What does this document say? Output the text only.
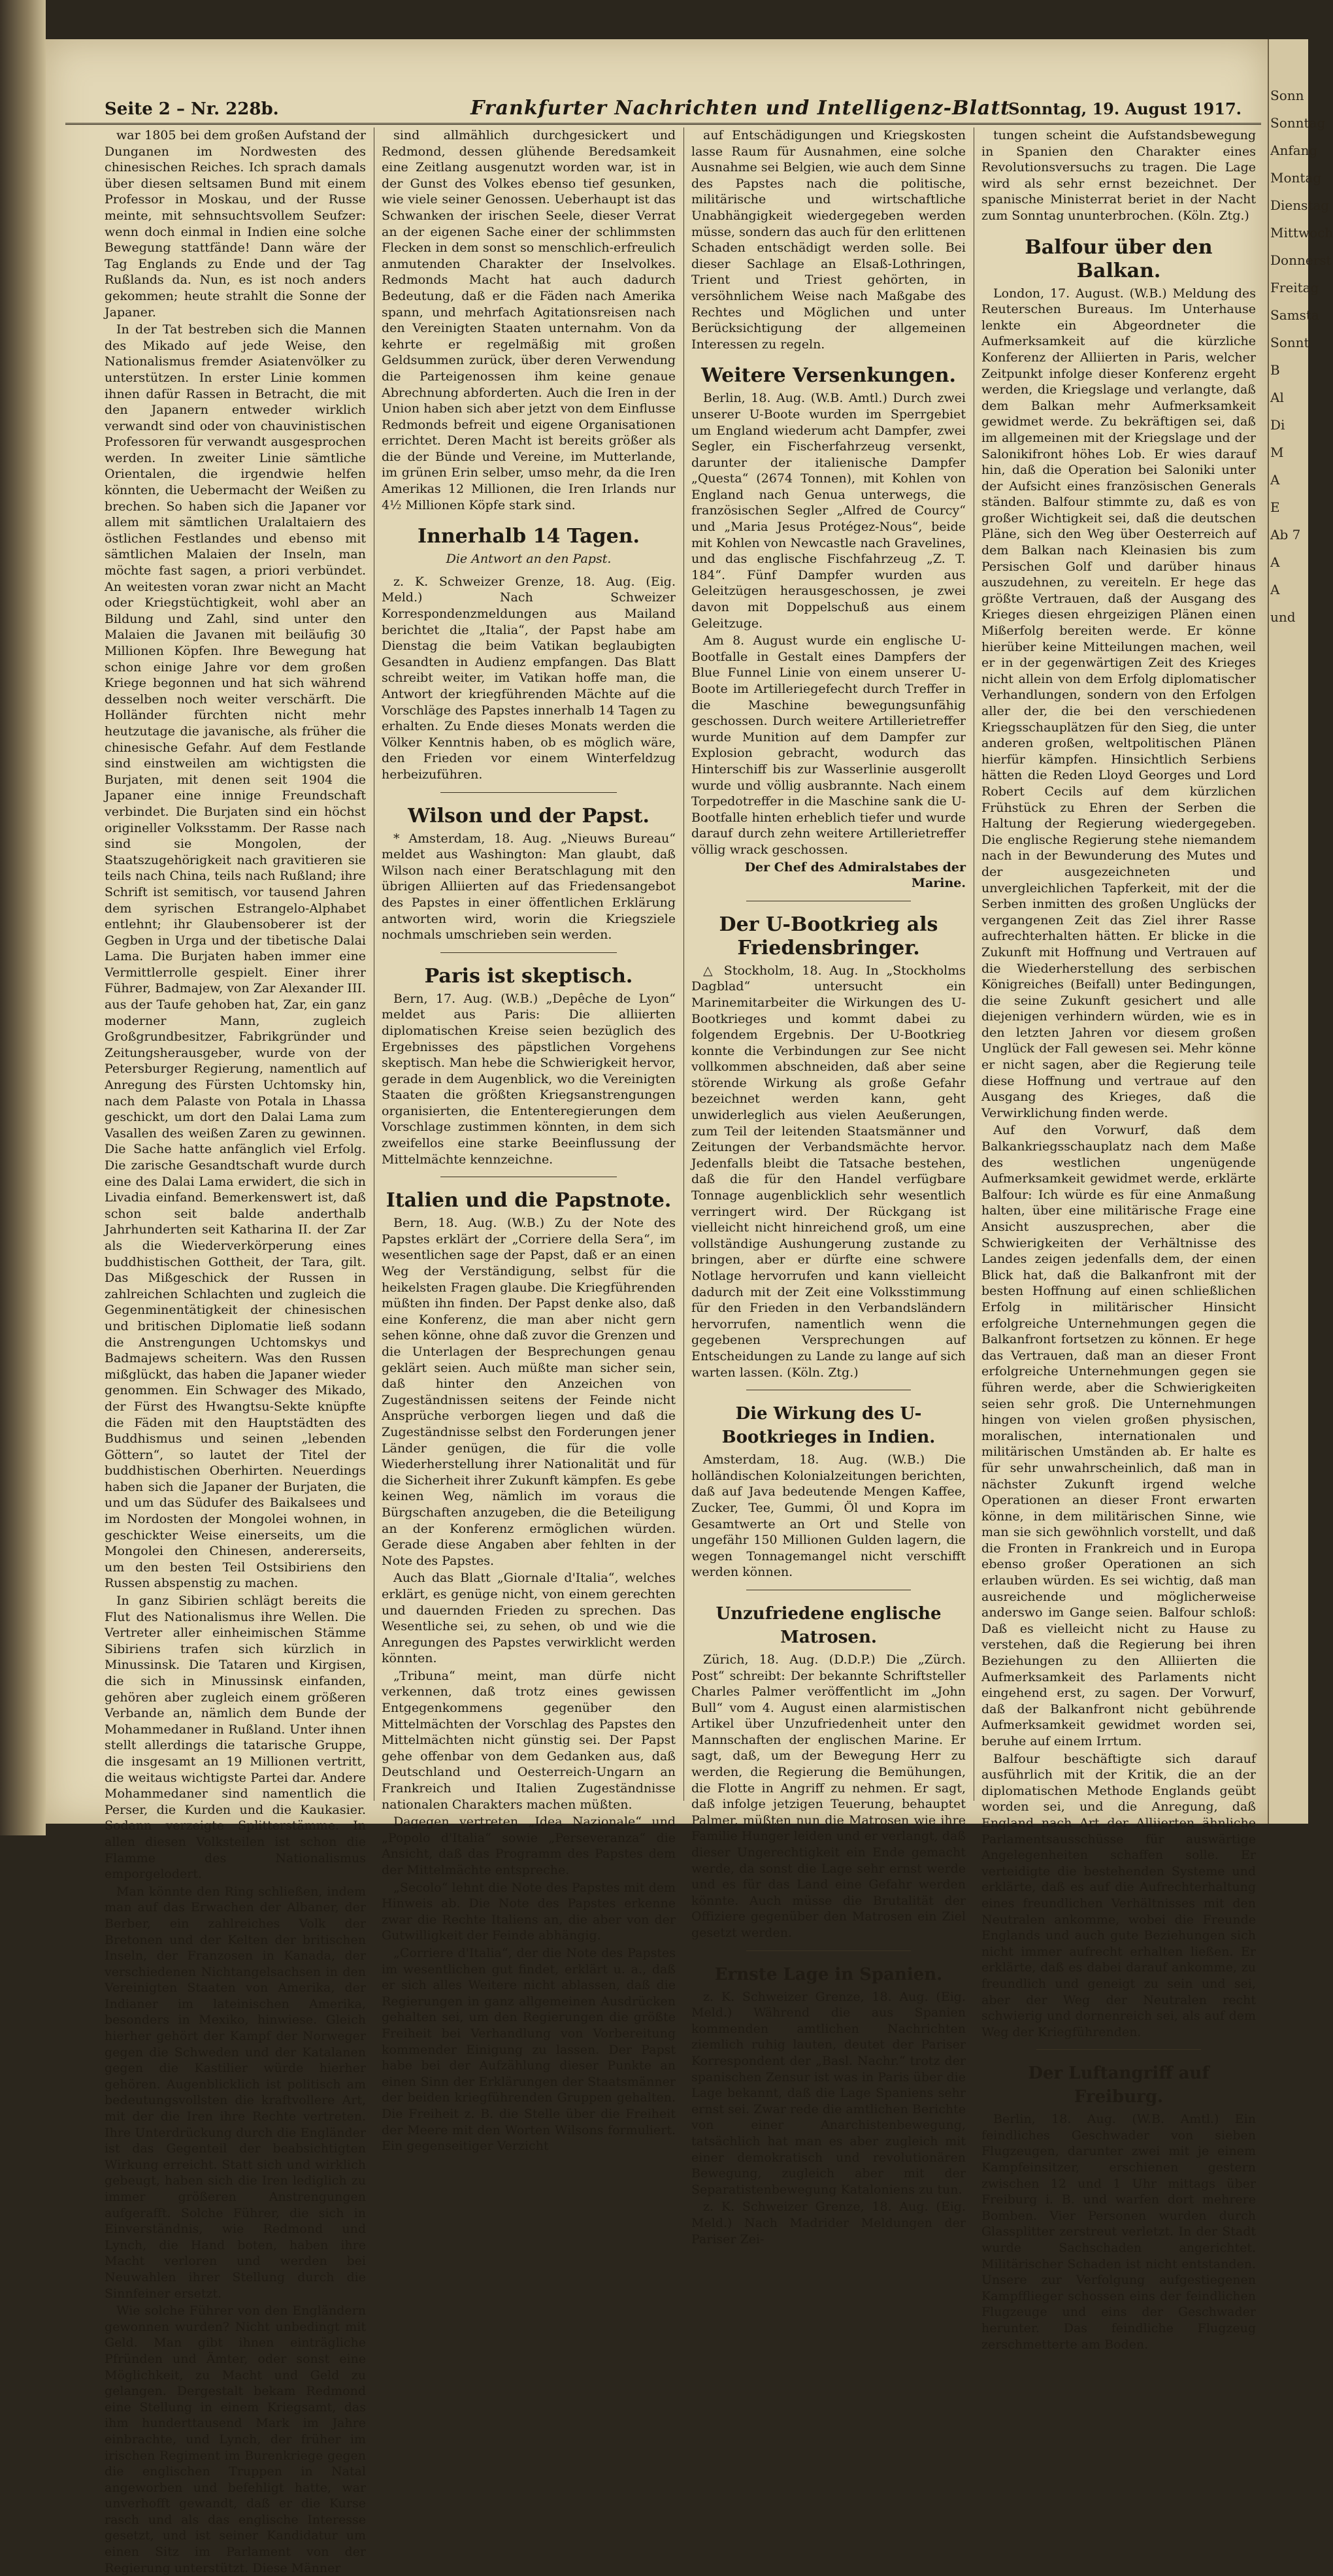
Sonn
Sonntag
Anfang
Montag
Dienstag
Mittwoch
Donnerst
Freitag
Samsta
Sonnt
B
Al
Di
M
A
E
Ab 7
A
A
und
Seite 2 – Nr. 228b.	Frankfurter Nachrichten und Intelligenz-Blatt
Sonntag, 19. August 1917.

war 1805 bei dem großen Aufstand der Dunganen im Nordwesten des chinesischen Reiches. Ich sprach damals über diesen seltsamen Bund mit einem Professor in Moskau, und der Russe meinte, mit sehnsuchtsvollem Seufzer: wenn doch einmal in Indien eine solche Bewegung stattfände! Dann wäre der Tag Englands zu Ende und der Tag Rußlands da. Nun, es ist noch anders gekommen; heute strahlt die Sonne der Japaner.

In der Tat bestreben sich die Mannen des Mikado auf jede Weise, den Nationalismus fremder Asiatenvölker zu unterstützen. In erster Linie kommen ihnen dafür Rassen in Betracht, die mit den Japanern entweder wirklich verwandt sind oder von chauvinistischen Professoren für verwandt ausgesprochen werden. In zweiter Linie sämtliche Orientalen, die irgendwie helfen könnten, die Uebermacht der Weißen zu brechen. So haben sich die Japaner vor allem mit sämtlichen Uralaltaiern des östlichen Festlandes und ebenso mit sämtlichen Malaien der Inseln, man möchte fast sagen, a priori verbündet. An weitesten voran zwar nicht an Macht oder Kriegstüchtigkeit, wohl aber an Bildung und Zahl, sind unter den Malaien die Javanen mit beiläufig 30 Millionen Köpfen. Ihre Bewegung hat schon einige Jahre vor dem großen Kriege begonnen und hat sich während desselben noch weiter verschärft. Die Holländer fürchten nicht mehr heutzutage die javanische, als früher die chinesische Gefahr. Auf dem Festlande sind einstweilen am wichtigsten die Burjaten, mit denen seit 1904 die Japaner eine innige Freundschaft verbindet. Die Burjaten sind ein höchst origineller Volksstamm. Der Rasse nach sind sie Mongolen, der Staatszugehörigkeit nach gravitieren sie teils nach China, teils nach Rußland; ihre Schrift ist semitisch, vor tausend Jahren dem syrischen Estrangelo-Alphabet entlehnt; ihr Glaubensoberer ist der Gegben in Urga und der tibetische Dalai Lama. Die Burjaten haben immer eine Vermittlerrolle gespielt. Einer ihrer Führer, Badmajew, von Zar Alexander III. aus der Taufe gehoben hat, Zar, ein ganz moderner Mann, zugleich Großgrundbesitzer, Fabrikgründer und Zeitungsherausgeber, wurde von der Petersburger Regierung, namentlich auf Anregung des Fürsten Uchtomsky hin, nach dem Palaste von Potala in Lhassa geschickt, um dort den Dalai Lama zum Vasallen des weißen Zaren zu gewinnen. Die Sache hatte anfänglich viel Erfolg. Die zarische Gesandtschaft wurde durch eine des Dalai Lama erwidert, die sich in Livadia einfand. Bemerkenswert ist, daß schon seit balde anderthalb Jahrhunderten seit Katharina II. der Zar als die Wiederverkörperung eines buddhistischen Gottheit, der Tara, gilt. Das Mißgeschick der Russen in zahlreichen Schlachten und zugleich die Gegenminentätigkeit der chinesischen und britischen Diplomatie ließ sodann die Anstrengungen Uchtomskys und Badmajews scheitern. Was den Russen mißglückt, das haben die Japaner wieder genommen. Ein Schwager des Mikado, der Fürst des Hwangtsu-Sekte knüpfte die Fäden mit den Hauptstädten des Buddhismus und seinen „lebenden Göttern“, so lautet der Titel der buddhistischen Oberhirten. Neuerdings haben sich die Japaner der Burjaten, die und um das Südufer des Baikalsees und im Nordosten der Mongolei wohnen, in geschickter Weise einerseits, um die Mongolei den Chinesen, andererseits, um den besten Teil Ostsibiriens den Russen abspenstig zu machen.

In ganz Sibirien schlägt bereits die Flut des Nationalismus ihre Wellen. Die Vertreter aller einheimischen Stämme Sibiriens trafen sich kürzlich in Minussinsk. Die Tataren und Kirgisen, die sich in Minussinsk einfanden, gehören aber zugleich einem größeren Verbande an, nämlich dem Bunde der Mohammedaner in Rußland. Unter ihnen stellt allerdings die tatarische Gruppe, die insgesamt an 19 Millionen vertritt, die weitaus wichtigste Partei dar. Andere Mohammedaner sind namentlich die Perser, die Kurden und die Kaukasier. Sodann verzeigte Splitterstämme. In allen diesen Volksteilen ist schon die Flamme des Nationalismus emporgelodert.

Man könnte den Ring schließen, indem man auf das Erwachen der Albaner, der Berber, ein zahlreiches Volk der Bretonen und der Kelten der britischen Inseln, der Franzosen in Kanada, der verschiedenen Nichtangelsachsen in den Vereinigten Staaten von Amerika, der Indianer im lateinischen Amerika, besonders in Mexiko, hinwiese. Gleich hierher gehört der Kampf der Norweger gegen die Schweden und der Katalanen gegen die Kastilier würde hierher gehören. Augenblicklich ist politisch am bedeutungsvollsten die kraftvollere Art, mit der die Iren ihre Rechte vertreten. Ihre Unterdrückung durch die Engländer ist das Gegenteil der beabsichtigten Wirkung erreicht. Statt sich und wirklich gebeugt, haben sich die Iren lediglich zu immer größeren Anstrengungen aufgerafft. Solche Führer, die sich in Einverständnis, wie Redmond und Lynch, die Hand boten, haben ihre Macht verloren und werden bei Neuwahlen ihrer Stellung durch die Sinnfeiner ersetzt.

Wie solche Führer von den Engländern gewonnen wurden? Nicht unbedingt mit Geld. Man gibt ihnen einträgliche Pfründen und Ämter, oder sonst eine Möglichkeit, zu Macht und Geld zu gelangen. Dergestalt bekam Redmond eine Stellung in einem Kriegsamt, das ihm hunderttausend Mark im Jahre einbrachte, und Lynch, der früher im irischen Regiment im Burenkriege gegen die englischen Truppen in Natal angeworben und befehligt hatte, war unverhofft gewandt, daß er die Kurse rasch und als das englische Interesse gesetzt, und ist seiner Kandidatur um einen Sitz im Parlament von der Regierung unterstützt. Diese Männer

sind allmählich durchgesickert und Redmond, dessen glühende Beredsamkeit eine Zeitlang ausgenutzt worden war, ist in der Gunst des Volkes ebenso tief gesunken, wie viele seiner Genossen. Ueberhaupt ist das Schwanken der irischen Seele, dieser Verrat an der eigenen Sache einer der schlimmsten Flecken in dem sonst so menschlich-erfreulich anmutenden Charakter der Inselvolkes. Redmonds Macht hat auch dadurch Bedeutung, daß er die Fäden nach Amerika spann, und mehrfach Agitationsreisen nach den Vereinigten Staaten unternahm. Von da kehrte er regelmäßig mit großen Geldsummen zurück, über deren Verwendung die Parteigenossen ihm keine genaue Abrechnung abforderten. Auch die Iren in der Union haben sich aber jetzt von dem Einflusse Redmonds befreit und eigene Organisationen errichtet. Deren Macht ist bereits größer als die der Bünde und Vereine, im Mutterlande, im grünen Erin selber, umso mehr, da die Iren Amerikas 12 Millionen, die Iren Irlands nur 4½ Millionen Köpfe stark sind.

Innerhalb 14 Tagen.
Die Antwort an den Papst.

z. K. Schweizer Grenze, 18. Aug. (Eig. Meld.) Nach Schweizer Korrespondenzmeldungen aus Mailand berichtet die „Italia“, der Papst habe am Dienstag die beim Vatikan beglaubigten Gesandten in Audienz empfangen. Das Blatt schreibt weiter, im Vatikan hoffe man, die Antwort der kriegführenden Mächte auf die Vorschläge des Papstes innerhalb 14 Tagen zu erhalten. Zu Ende dieses Monats werden die Völker Kenntnis haben, ob es möglich wäre, den Frieden vor einem Winterfeldzug herbeizuführen.

Wilson und der Papst.

* Amsterdam, 18. Aug. „Nieuws Bureau“ meldet aus Washington: Man glaubt, daß Wilson nach einer Beratschlagung mit den übrigen Alliierten auf das Friedensangebot des Papstes in einer öffentlichen Erklärung antworten wird, worin die Kriegsziele nochmals umschrieben sein werden.

Paris ist skeptisch.

Bern, 17. Aug. (W.B.) „Depêche de Lyon“ meldet aus Paris: Die alliierten diplomatischen Kreise seien bezüglich des Ergebnisses des päpstlichen Vorgehens skeptisch. Man hebe die Schwierigkeit hervor, gerade in dem Augenblick, wo die Vereinigten Staaten die größten Kriegsanstrengungen organisierten, die Ententeregierungen dem Vorschlage zustimmen könnten, in dem sich zweifellos eine starke Beeinflussung der Mittelmächte kennzeichne.

Italien und die Papstnote.

Bern, 18. Aug. (W.B.) Zu der Note des Papstes erklärt der „Corriere della Sera“, im wesentlichen sage der Papst, daß er an einen Weg der Verständigung, selbst für die heikelsten Fragen glaube. Die Kriegführenden müßten ihn finden. Der Papst denke also, daß eine Konferenz, die man aber nicht gern sehen könne, ohne daß zuvor die Grenzen und die Unterlagen der Besprechungen genau geklärt seien. Auch müßte man sicher sein, daß hinter den Anzeichen von Zugeständnissen seitens der Feinde nicht Ansprüche verborgen liegen und daß die Zugeständnisse selbst den Forderungen jener Länder genügen, die für die volle Wiederherstellung ihrer Nationalität und für die Sicherheit ihrer Zukunft kämpfen. Es gebe keinen Weg, nämlich im voraus die Bürgschaften anzugeben, die die Beteiligung an der Konferenz ermöglichen würden. Gerade diese Angaben aber fehlten in der Note des Papstes.

Auch das Blatt „Giornale d'Italia“, welches erklärt, es genüge nicht, von einem gerechten und dauernden Frieden zu sprechen. Das Wesentliche sei, zu sehen, ob und wie die Anregungen des Papstes verwirklicht werden könnten.

„Tribuna“ meint, man dürfe nicht verkennen, daß trotz eines gewissen Entgegenkommens gegenüber den Mittelmächten der Vorschlag des Papstes den Mittelmächten nicht günstig sei. Der Papst gehe offenbar von dem Gedanken aus, daß Deutschland und Oesterreich-Ungarn an Frankreich und Italien Zugeständnisse nationalen Charakters machen müßten.

Dagegen vertreten „Idea Nazionale“ und „Popolo d'Italia“ sowie „Perseveranza“ die Ansicht, daß das Programm des Papstes dem der Mittelmächte entspreche.

„Secolo“ lehnt die Note des Papstes mit dem Hinweis ab. Die Note des Papstes erkenne zwar die Rechte Italiens an, die aber von der Gutwilligkeit der Feinde abhängig.

„Corriere d'Italia“, der die Note des Papstes im wesentlichen gut findet, erklärt u. a., daß er sich alles Weitere nicht ablassen, daß die Regierungen in ganz allgemeinen Ausdrücken gehalten sei, um den Regierungen die größte Freiheit bei Verhandlung von Vorbereitung kommender Einigung zu lassen. Der Papst habe bei der Aufzählung dieser Punkte an einen Sinn der Erklärungen der Staatsmänner der beiden kriegführenden Gruppen gehalten. Die Freiheit z. B. die Stelle über die Freiheit der Meere mit den Worten Wilsons formuliert. Ein gegenseitiger Verzicht

auf Entschädigungen und Kriegskosten lasse Raum für Ausnahmen, eine solche Ausnahme sei Belgien, wie auch dem Sinne des Papstes nach die politische, militärische und wirtschaftliche Unabhängigkeit wiedergegeben werden müsse, sondern das auch für den erlittenen Schaden entschädigt werden solle. Bei dieser Sachlage an Elsaß-Lothringen, Trient und Triest gehörten, in versöhnlichem Weise nach Maßgabe des Rechtes und Möglichen und unter Berücksichtigung der allgemeinen Interessen zu regeln.

Weitere Versenkungen.

Berlin, 18. Aug. (W.B. Amtl.) Durch zwei unserer U-Boote wurden im Sperrgebiet um England wiederum acht Dampfer, zwei Segler, ein Fischerfahrzeug versenkt, darunter der italienische Dampfer „Questa“ (2674 Tonnen), mit Kohlen von England nach Genua unterwegs, die französischen Segler „Alfred de Courcy“ und „Maria Jesus Protégez-Nous“, beide mit Kohlen von Newcastle nach Gravelines, und das englische Fischfahrzeug „Z. T. 184“. Fünf Dampfer wurden aus Geleitzügen herausgeschossen, je zwei davon mit Doppelschuß aus einem Geleitzuge.

Am 8. August wurde ein englische U-Bootfalle in Gestalt eines Dampfers der Blue Funnel Linie von einem unserer U-Boote im Artilleriegefecht durch Treffer in die Maschine bewegungsunfähig geschossen. Durch weitere Artillerietreffer wurde Munition auf dem Dampfer zur Explosion gebracht, wodurch das Hinterschiff bis zur Wasserlinie ausgerollt wurde und völlig ausbrannte. Nach einem Torpedotreffer in die Maschine sank die U-Bootfalle hinten erheblich tiefer und wurde darauf durch zehn weitere Artillerietreffer völlig wrack geschossen.

Der Chef des Admiralstabes der Marine.

Der U-Bootkrieg als Friedensbringer.

△ Stockholm, 18. Aug. In „Stockholms Dagblad“ untersucht ein Marinemitarbeiter die Wirkungen des U-Bootkrieges und kommt dabei zu folgendem Ergebnis. Der U-Bootkrieg konnte die Verbindungen zur See nicht vollkommen abschneiden, daß aber seine störende Wirkung als große Gefahr bezeichnet werden kann, geht unwiderleglich aus vielen Aeußerungen, zum Teil der leitenden Staatsmänner und Zeitungen der Verbandsmächte hervor. Jedenfalls bleibt die Tatsache bestehen, daß die für den Handel verfügbare Tonnage augenblicklich sehr wesentlich verringert wird. Der Rückgang ist vielleicht nicht hinreichend groß, um eine vollständige Aushungerung zustande zu bringen, aber er dürfte eine schwere Notlage hervorrufen und kann vielleicht dadurch mit der Zeit eine Volksstimmung für den Frieden in den Verbandsländern hervorrufen, namentlich wenn die gegebenen Versprechungen auf Entscheidungen zu Lande zu lange auf sich warten lassen. (Köln. Ztg.)

Die Wirkung des U-Bootkrieges in Indien.

Amsterdam, 18. Aug. (W.B.) Die holländischen Kolonialzeitungen berichten, daß auf Java bedeutende Mengen Kaffee, Zucker, Tee, Gummi, Öl und Kopra im Gesamtwerte an Ort und Stelle von ungefähr 150 Millionen Gulden lagern, die wegen Tonnagemangel nicht verschifft werden können.

Unzufriedene englische Matrosen.

Zürich, 18. Aug. (D.D.P.) Die „Zürch. Post“ schreibt: Der bekannte Schriftsteller Charles Palmer veröffentlicht im „John Bull“ vom 4. August einen alarmistischen Artikel über Unzufriedenheit unter den Mannschaften der englischen Marine. Er sagt, daß, um der Bewegung Herr zu werden, die Regierung die Bemühungen, die Flotte in Angriff zu nehmen. Er sagt, daß infolge jetzigen Teuerung, behauptet Palmer, müßten nun die Matrosen wie ihre Familie Hunger leiden und er verlangt, daß dieser Ungerechtigkeit ein Ende gemacht werde, da sonst die Lage sehr ernst werde und es für das Land eine Gefahr werden könnte. Auch müsse die Brutalität der Offiziere gegenüber den Matrosen ein Ziel gesetzt werden.

Ernste Lage in Spanien.

z. K. Schweizer Grenze, 18. Aug. (Eig. Meld.) Während die aus Spanien kommenden amtlichen Nachrichten ziemlich ruhig lauten, deutet der Pariser Korrespondent der „Basl. Nachr.“ trotz der spanischen Zensur ist was in Paris über die Lage bekannt, daß die Lage Spaniens sehr ernst sei. Zwar rede die amtlichen Berichte von einer Anarchistenbewegung, tatsächlich hat man es aber zugleich mit einer demokratisch und revolutionären Bewegung, zugleich aber mit der Separatistenbewegung Kataloniens zu tun.

z. K. Schweizer Grenze, 18. Aug. (Eig. Meld.) Nach Madrider Meldungen der Pariser Zei-

tungen scheint die Aufstandsbewegung in Spanien den Charakter eines Revolutionsversuchs zu tragen. Die Lage wird als sehr ernst bezeichnet. Der spanische Ministerrat beriet in der Nacht zum Sonntag ununterbrochen. (Köln. Ztg.)

Balfour über den Balkan.

London, 17. August. (W.B.) Meldung des Reuterschen Bureaus. Im Unterhause lenkte ein Abgeordneter die Aufmerksamkeit auf die kürzliche Konferenz der Alliierten in Paris, welcher Zeitpunkt infolge dieser Konferenz ergeht werden, die Kriegslage und verlangte, daß dem Balkan mehr Aufmerksamkeit gewidmet werde. Zu bekräftigen sei, daß im allgemeinen mit der Kriegslage und der Salonikifront höhes Lob. Er wies darauf hin, daß die Operation bei Saloniki unter der Aufsicht eines französischen Generals ständen. Balfour stimmte zu, daß es von großer Wichtigkeit sei, daß die deutschen Pläne, sich den Weg über Oesterreich auf dem Balkan nach Kleinasien bis zum Persischen Golf und darüber hinaus auszudehnen, zu vereiteln. Er hege das größte Vertrauen, daß der Ausgang des Krieges diesen ehrgeizigen Plänen einen Mißerfolg bereiten werde. Er könne hierüber keine Mitteilungen machen, weil er in der gegenwärtigen Zeit des Krieges nicht allein von dem Erfolg diplomatischer Verhandlungen, sondern von den Erfolgen aller der, die bei den verschiedenen Kriegsschauplätzen für den Sieg, die unter anderen großen, weltpolitischen Plänen hierfür kämpfen. Hinsichtlich Serbiens hätten die Reden Lloyd Georges und Lord Robert Cecils auf dem kürzlichen Frühstück zu Ehren der Serben die Haltung der Regierung wiedergegeben. Die englische Regierung stehe niemandem nach in der Bewunderung des Mutes und der ausgezeichneten und unvergleichlichen Tapferkeit, mit der die Serben inmitten des großen Unglücks der vergangenen Zeit das Ziel ihrer Rasse aufrechterhalten hätten. Er blicke in die Zukunft mit Hoffnung und Vertrauen auf die Wiederherstellung des serbischen Königreiches (Beifall) unter Bedingungen, die seine Zukunft gesichert und alle diejenigen verhindern würden, wie es in den letzten Jahren vor diesem großen Unglück der Fall gewesen sei. Mehr könne er nicht sagen, aber die Regierung teile diese Hoffnung und vertraue auf den Ausgang des Krieges, daß die Verwirklichung finden werde.

Auf den Vorwurf, daß dem Balkankriegsschauplatz nach dem Maße des westlichen ungenügende Aufmerksamkeit gewidmet werde, erklärte Balfour: Ich würde es für eine Anmaßung halten, über eine militärische Frage eine Ansicht auszusprechen, aber die Schwierigkeiten der Verhältnisse des Landes zeigen jedenfalls dem, der einen Blick hat, daß die Balkanfront mit der besten Hoffnung auf einen schließlichen Erfolg in militärischer Hinsicht erfolgreiche Unternehmungen gegen die Balkanfront fortsetzen zu können. Er hege das Vertrauen, daß man an dieser Front erfolgreiche Unternehmungen gegen sie führen werde, aber die Schwierigkeiten seien sehr groß. Die Unternehmungen hingen von vielen großen physischen, moralischen, internationalen und militärischen Umständen ab. Er halte es für sehr unwahrscheinlich, daß man in nächster Zukunft irgend welche Operationen an dieser Front erwarten könne, in dem militärischen Sinne, wie man sie sich gewöhnlich vorstellt, und daß die Fronten in Frankreich und in Europa ebenso großer Operationen an sich erlauben würden. Es sei wichtig, daß man ausreichende und möglicherweise anderswo im Gange seien. Balfour schloß: Daß es vielleicht nicht zu Hause zu verstehen, daß die Regierung bei ihren Beziehungen zu den Alliierten die Aufmerksamkeit des Parlaments nicht eingehend erst, zu sagen. Der Vorwurf, daß der Balkanfront nicht gebührende Aufmerksamkeit gewidmet worden sei, beruhe auf einem Irrtum.

Balfour beschäftigte sich darauf ausführlich mit der Kritik, die an der diplomatischen Methode Englands geübt worden sei, und die Anregung, daß England nach Art der Alliierten ähnliche Parlamentsausschüsse für auswärtige Angelegenheiten schaffen solle. Er verteidigte die bestehenden Systeme und erklärte, daß es auf die Aufrechterhaltung eines freundlichen Verhältnisses mit den Neutralen ankomme, wobei die Freunde Englands und auch gute Beziehungen sich nicht immer aufrecht erhalten ließen. Er erklärte, daß es dabei darauf ankomme, zu freundlich und geneigt zu sein und sei, aber der Weg der Neutralen recht schwierig und dornenreich sei, als auf dem Weg der Kriegführenden.

Der Luftangriff auf Freiburg.

Berlin, 18. Aug. (W.B. Amtl.) Ein feindliches Geschwader von sieben Flugzeugen, darunter zwei mit je einem Kampfeinsitzer, erschienen gestern zwischen 12 und 1 Uhr mittags über Freiburg i. B. und warfen dort mehrere Bomben. Vier Personen wurden durch Glassplitter zerstreut verletzt. In der Stadt wurde Sachschaden angerichtet. Militärischer Schaden ist nicht entstanden. Unsere zur Verfolgung aufgestiegenen Kampfflieger schossen eins der feindlichen Flugzeuge und eins der Geschwader herunter. Das feindliche Flugzeug zerschmetterte am Boden.
